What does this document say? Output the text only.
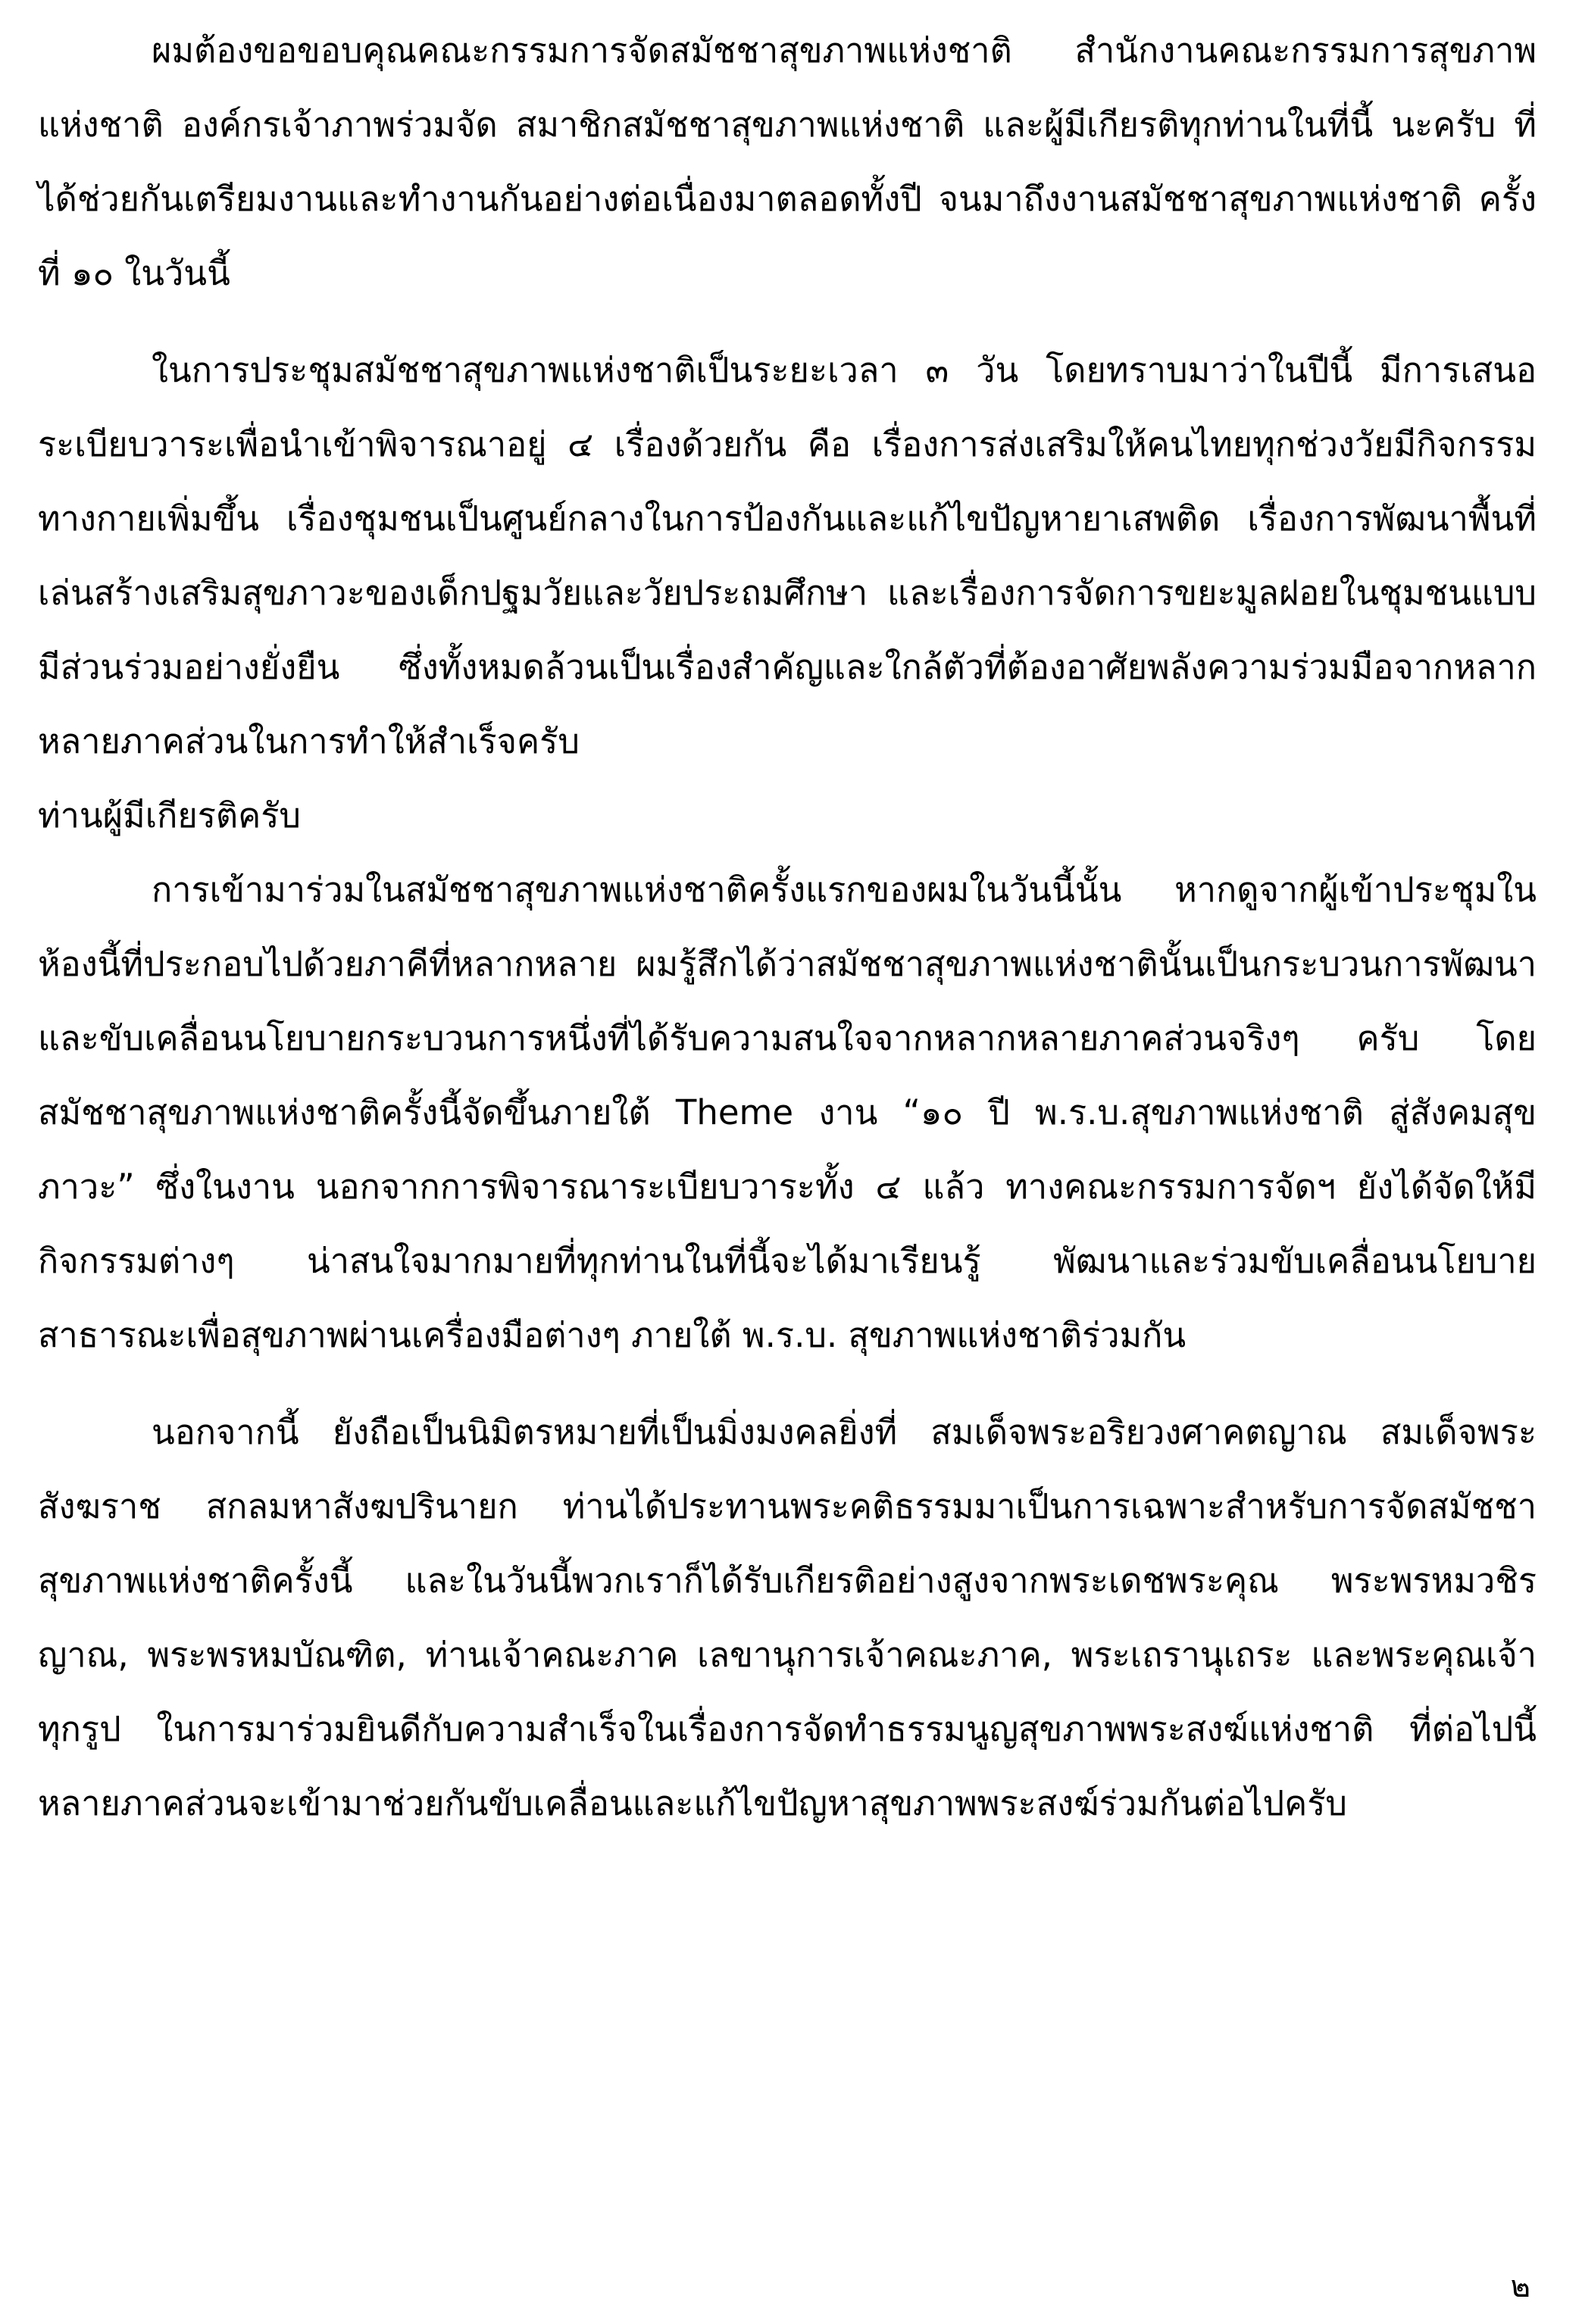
ผมต้องขอขอบคุณคณะกรรมการจัดสมัชชาสุขภาพแห่งชาติ สำนักงานคณะกรรมการสุขภาพแห่งชาติ องค์กรเจ้าภาพร่วมจัด สมาชิกสมัชชาสุขภาพแห่งชาติ และผู้มีเกียรติทุกท่านในที่นี้ นะครับ ที่ได้ช่วยกันเตรียมงานและทำงานกันอย่างต่อเนื่องมาตลอดทั้งปี จนมาถึงงานสมัชชาสุขภาพแห่งชาติ ครั้งที่ ๑๐ ในวันนี้

ในการประชุมสมัชชาสุขภาพแห่งชาติเป็นระยะเวลา ๓ วัน โดยทราบมาว่าในปีนี้ มีการเสนอระเบียบวาระเพื่อนำเข้าพิจารณาอยู่ ๔ เรื่องด้วยกัน คือ เรื่องการส่งเสริมให้คนไทยทุกช่วงวัยมีกิจกรรมทางกายเพิ่มขึ้น เรื่องชุมชนเป็นศูนย์กลางในการป้องกันและแก้ไขปัญหายาเสพติด เรื่องการพัฒนาพื้นที่เล่นสร้างเสริมสุขภาวะของเด็กปฐมวัยและวัยประถมศึกษา และเรื่องการจัดการขยะมูลฝอยในชุมชนแบบมีส่วนร่วมอย่างยั่งยืน ซึ่งทั้งหมดล้วนเป็นเรื่องสำคัญและใกล้ตัวที่ต้องอาศัยพลังความร่วมมือจากหลากหลายภาคส่วนในการทำให้สำเร็จครับ

ท่านผู้มีเกียรติครับ

การเข้ามาร่วมในสมัชชาสุขภาพแห่งชาติครั้งแรกของผมในวันนี้นั้น หากดูจากผู้เข้าประชุมในห้องนี้ที่ประกอบไปด้วยภาคีที่หลากหลาย ผมรู้สึกได้ว่าสมัชชาสุขภาพแห่งชาตินั้นเป็นกระบวนการพัฒนาและขับเคลื่อนนโยบายกระบวนการหนึ่งที่ได้รับความสนใจจากหลากหลายภาคส่วนจริงๆ ครับ โดยสมัชชาสุขภาพแห่งชาติครั้งนี้จัดขึ้นภายใต้ Theme งาน “๑๐ ปี พ.ร.บ.สุขภาพแห่งชาติ สู่สังคมสุขภาวะ” ซึ่งในงาน นอกจากการพิจารณาระเบียบวาระทั้ง ๔ แล้ว ทางคณะกรรมการจัดฯ ยังได้จัดให้มีกิจกรรมต่างๆ น่าสนใจมากมายที่ทุกท่านในที่นี้จะได้มาเรียนรู้ พัฒนาและร่วมขับเคลื่อนนโยบายสาธารณะเพื่อสุขภาพผ่านเครื่องมือต่างๆ ภายใต้ พ.ร.บ. สุขภาพแห่งชาติร่วมกัน

นอกจากนี้ ยังถือเป็นนิมิตรหมายที่เป็นมิ่งมงคลยิ่งที่ สมเด็จพระอริยวงศาคตญาณ สมเด็จพระสังฆราช สกลมหาสังฆปรินายก ท่านได้ประทานพระคติธรรมมาเป็นการเฉพาะสำหรับการจัดสมัชชาสุขภาพแห่งชาติครั้งนี้ และในวันนี้พวกเราก็ได้รับเกียรติอย่างสูงจากพระเดชพระคุณ พระพรหมวชิรญาณ, พระพรหมบัณฑิต, ท่านเจ้าคณะภาค เลขานุการเจ้าคณะภาค, พระเถรานุเถระ และพระคุณเจ้าทุกรูป ในการมาร่วมยินดีกับความสำเร็จในเรื่องการจัดทำธรรมนูญสุขภาพพระสงฆ์แห่งชาติ ที่ต่อไปนี้หลายภาคส่วนจะเข้ามาช่วยกันขับเคลื่อนและแก้ไขปัญหาสุขภาพพระสงฆ์ร่วมกันต่อไปครับ

๒
